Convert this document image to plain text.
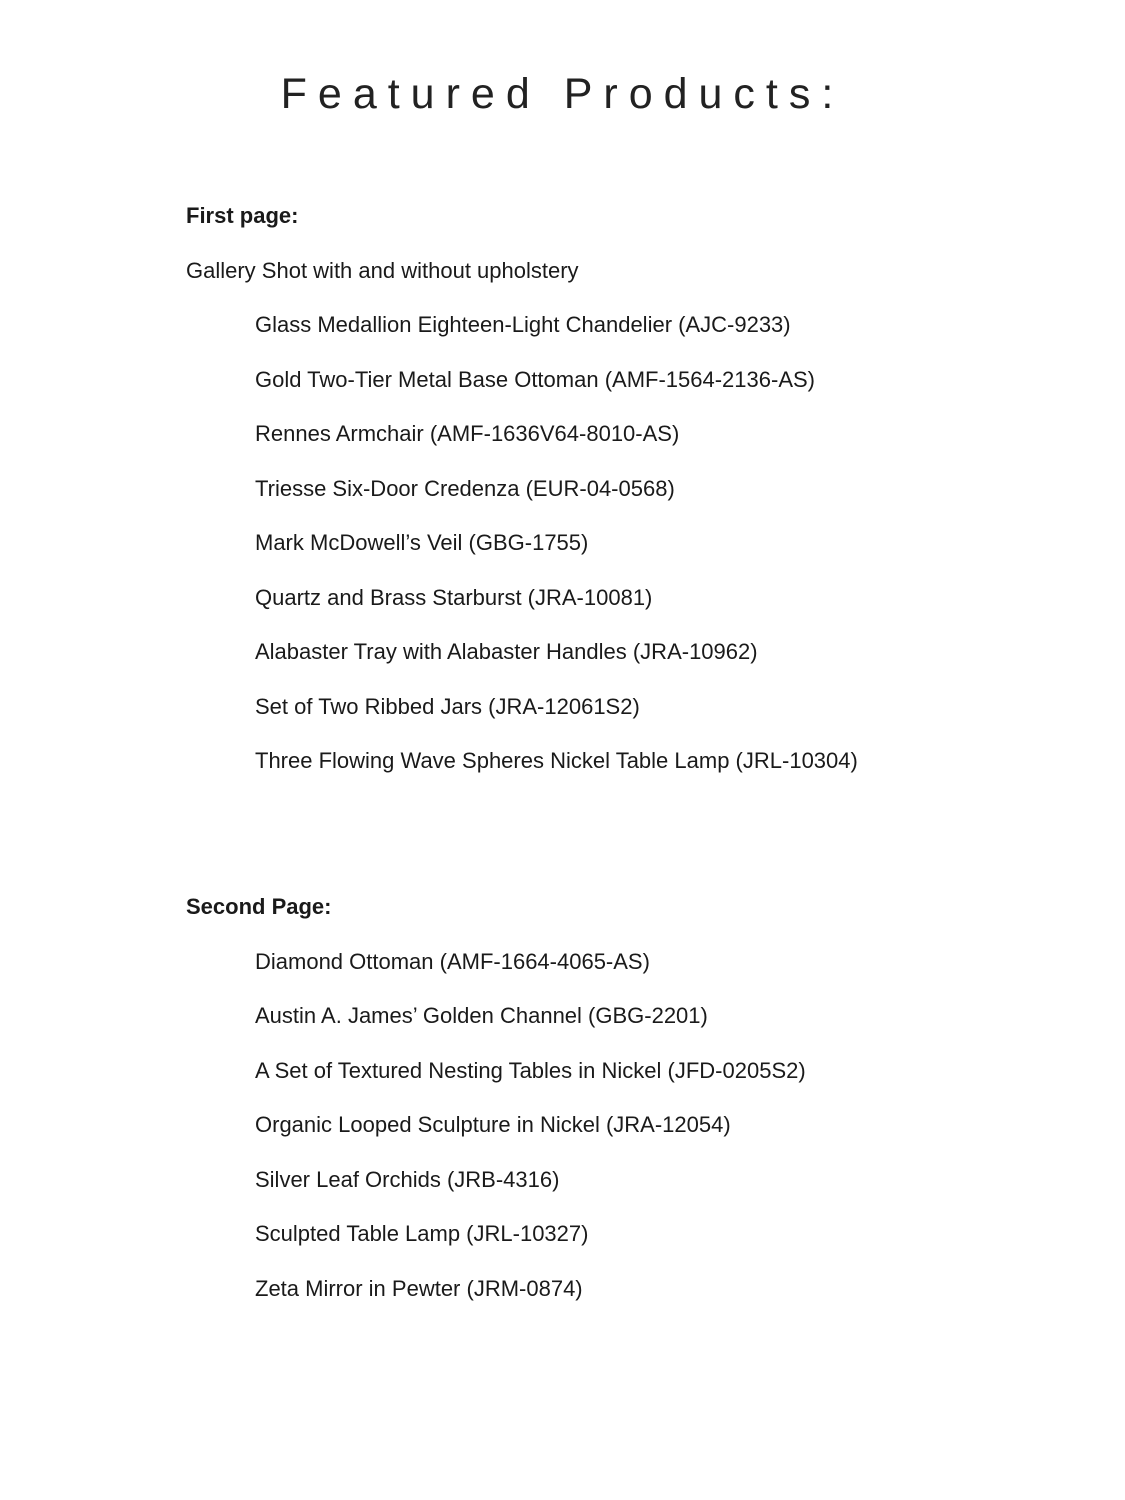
Featured Products:

First page:

Gallery Shot with and without upholstery

Glass Medallion Eighteen-Light Chandelier (AJC-9233)

Gold Two-Tier Metal Base Ottoman (AMF-1564-2136-AS)

Rennes Armchair (AMF-1636V64-8010-AS)

Triesse Six-Door Credenza (EUR-04-0568)

Mark McDowell’s Veil (GBG-1755)

Quartz and Brass Starburst (JRA-10081)

Alabaster Tray with Alabaster Handles (JRA-10962)

Set of Two Ribbed Jars (JRA-12061S2)

Three Flowing Wave Spheres Nickel Table Lamp (JRL-10304)

Second Page:

Diamond Ottoman (AMF-1664-4065-AS)

Austin A. James’ Golden Channel (GBG-2201)

A Set of Textured Nesting Tables in Nickel (JFD-0205S2)

Organic Looped Sculpture in Nickel (JRA-12054)

Silver Leaf Orchids (JRB-4316)

Sculpted Table Lamp (JRL-10327)

Zeta Mirror in Pewter (JRM-0874)
